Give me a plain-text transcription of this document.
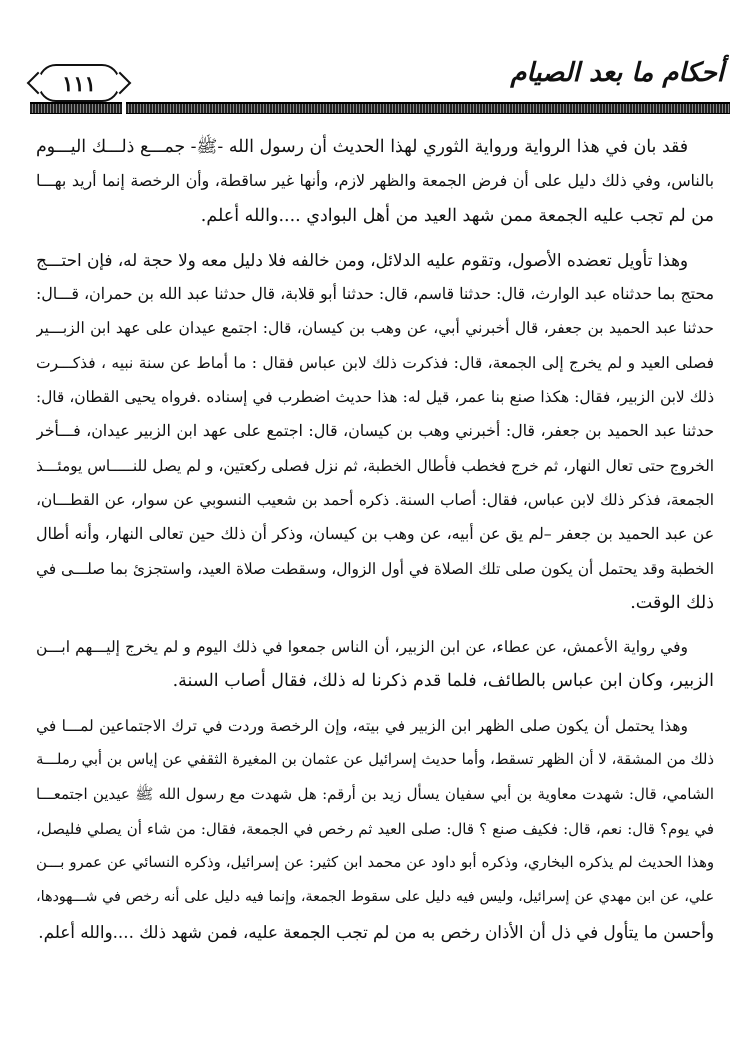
١١١	أحكام ما بعد الصيام
فقد بان في هذا الرواية ورواية الثوري لهذا الحديث أن رسول الله -ﷺ- جمـــع ذلـــك اليـــوم
بالناس، وفي ذلك دليل على أن فرض الجمعة والظهر لازم، وأنها غير ساقطة، وأن الرخصة إنما أريد بهـــا
من لم تجب عليه الجمعة ممن شهد العيد من أهل البوادي ....والله أعلم.
وهذا تأويل تعضده الأصول، وتقوم عليه الدلائل، ومن خالفه فلا دليل معه ولا حجة له، فإن احتـــج
محتج بما حدثناه عبد الوارث، قال: حدثنا قاسم، قال: حدثنا أبو قلابة، قال حدثنا عبد الله بن حمران، قـــال:
حدثنا عبد الحميد بن جعفر، قال أخبرني أبي، عن وهب بن كيسان، قال: اجتمع عيدان على عهد ابن الزبـــير
فصلى العيد و لم يخرج إلى الجمعة، قال: فذكرت ذلك لابن عباس فقال : ما أماط عن سنة نبيه ، فذكـــرت
ذلك لابن الزبير، فقال: هكذا صنع بنا عمر، قيل له: هذا حديث اضطرب في إسناده .فرواه يحيى القطان، قال:
حدثنا عبد الحميد بن جعفر، قال: أخبرني وهب بن كيسان، قال: اجتمع على عهد ابن الزبير عيدان، فـــأخر
الخروج حتى تعال النهار، ثم خرج فخطب فأطال الخطبة، ثم نزل فصلى ركعتين، و لم يصل للنـــــاس يومئـــذ
الجمعة، فذكر ذلك لابن عباس، فقال: أصاب السنة. ذكره أحمد بن شعيب النسوبي عن سوار، عن القطـــان،
عن عبد الحميد بن جعفر –لم يق عن أبيه، عن وهب بن كيسان، وذكر أن ذلك حين تعالى النهار، وأنه أطال
الخطبة وقد يحتمل أن يكون صلى تلك الصلاة في أول الزوال، وسقطت صلاة العيد، واستجزئ بما صلـــى في
ذلك الوقت.
وفي رواية الأعمش، عن عطاء، عن ابن الزبير، أن الناس جمعوا في ذلك اليوم و لم يخرج إليـــهم ابـــن
الزبير، وكان ابن عباس بالطائف، فلما قدم ذكرنا له ذلك، فقال أصاب السنة.
وهذا يحتمل أن يكون صلى الظهر ابن الزبير في بيته، وإن الرخصة وردت في ترك الاجتماعين لمـــا في
ذلك من المشقة، لا أن الظهر تسقط، وأما حديث إسرائيل عن عثمان بن المغيرة الثقفي عن إياس بن أبي رملـــة
الشامي، قال: شهدت معاوية بن أبي سفيان يسأل زيد بن أرقم: هل شهدت مع رسول الله ﷺ عيدين اجتمعـــا
في يوم؟ قال: نعم، قال: فكيف صنع ؟ قال: صلى العيد ثم رخص في الجمعة، فقال: من شاء أن يصلي فليصل،
وهذا الحديث لم يذكره البخاري، وذكره أبو داود عن محمد ابن كثير: عن إسرائيل، وذكره النسائي عن عمرو بـــن
علي، عن ابن مهدي عن إسرائيل، وليس فيه دليل على سقوط الجمعة، وإنما فيه دليل على أنه رخص في شـــهودها،
وأحسن ما يتأول في ذل أن الأذان رخص به من لم تجب الجمعة عليه، فمن شهد ذلك ....والله أعلم.
